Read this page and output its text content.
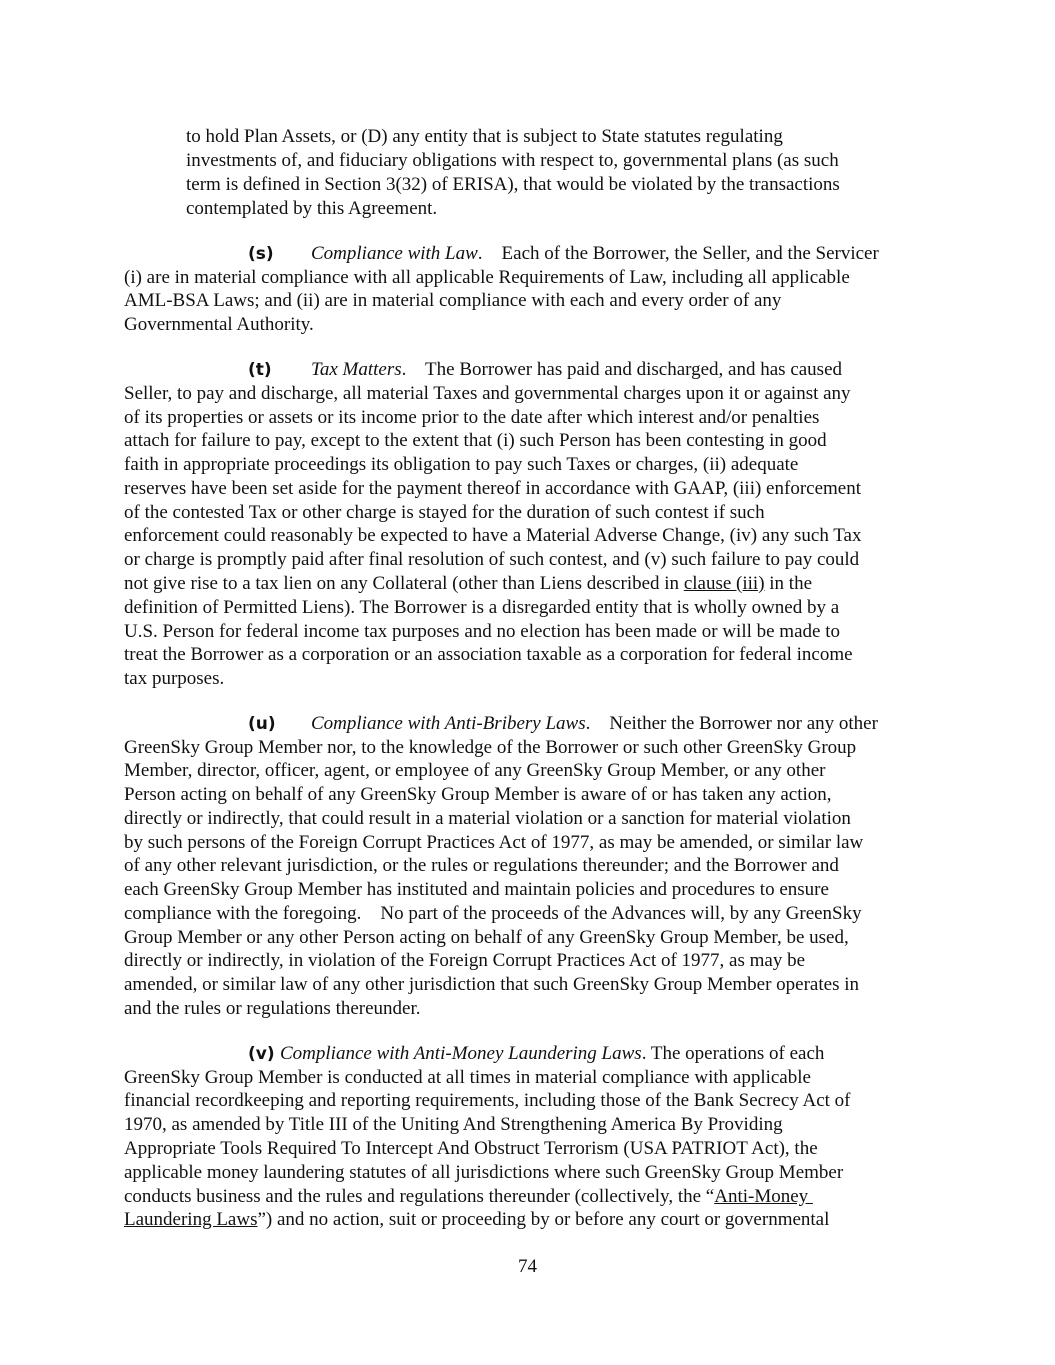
to hold Plan Assets, or (D) any entity that is subject to State statutes regulating
investments of, and fiduciary obligations with respect to, governmental plans (as such
term is defined in Section 3(32) of ERISA), that would be violated by the transactions
contemplated by this Agreement.
(s) Compliance with Law.    Each of the Borrower, the Seller, and the Servicer
(i) are in material compliance with all applicable Requirements of Law, including all applicable
AML-BSA Laws; and (ii) are in material compliance with each and every order of any
Governmental Authority.
(t) Tax Matters.    The Borrower has paid and discharged, and has caused
Seller, to pay and discharge, all material Taxes and governmental charges upon it or against any
of its properties or assets or its income prior to the date after which interest and/or penalties
attach for failure to pay, except to the extent that (i) such Person has been contesting in good
faith in appropriate proceedings its obligation to pay such Taxes or charges, (ii) adequate
reserves have been set aside for the payment thereof in accordance with GAAP, (iii) enforcement
of the contested Tax or other charge is stayed for the duration of such contest if such
enforcement could reasonably be expected to have a Material Adverse Change, (iv) any such Tax
or charge is promptly paid after final resolution of such contest, and (v) such failure to pay could
not give rise to a tax lien on any Collateral (other than Liens described in clause (iii) in the
definition of Permitted Liens). The Borrower is a disregarded entity that is wholly owned by a
U.S. Person for federal income tax purposes and no election has been made or will be made to
treat the Borrower as a corporation or an association taxable as a corporation for federal income
tax purposes.
(u) Compliance with Anti-Bribery Laws.    Neither the Borrower nor any other
GreenSky Group Member nor, to the knowledge of the Borrower or such other GreenSky Group
Member, director, officer, agent, or employee of any GreenSky Group Member, or any other
Person acting on behalf of any GreenSky Group Member is aware of or has taken any action,
directly or indirectly, that could result in a material violation or a sanction for material violation
by such persons of the Foreign Corrupt Practices Act of 1977, as may be amended, or similar law
of any other relevant jurisdiction, or the rules or regulations thereunder; and the Borrower and
each GreenSky Group Member has instituted and maintain policies and procedures to ensure
compliance with the foregoing.    No part of the proceeds of the Advances will, by any GreenSky
Group Member or any other Person acting on behalf of any GreenSky Group Member, be used,
directly or indirectly, in violation of the Foreign Corrupt Practices Act of 1977, as may be
amended, or similar law of any other jurisdiction that such GreenSky Group Member operates in
and the rules or regulations thereunder.
(v) Compliance with Anti-Money Laundering Laws. The operations of each
GreenSky Group Member is conducted at all times in material compliance with applicable
financial recordkeeping and reporting requirements, including those of the Bank Secrecy Act of
1970, as amended by Title III of the Uniting And Strengthening America By Providing
Appropriate Tools Required To Intercept And Obstruct Terrorism (USA PATRIOT Act), the
applicable money laundering statutes of all jurisdictions where such GreenSky Group Member
conducts business and the rules and regulations thereunder (collectively, the “Anti-Money
Laundering Laws”) and no action, suit or proceeding by or before any court or governmental
74
